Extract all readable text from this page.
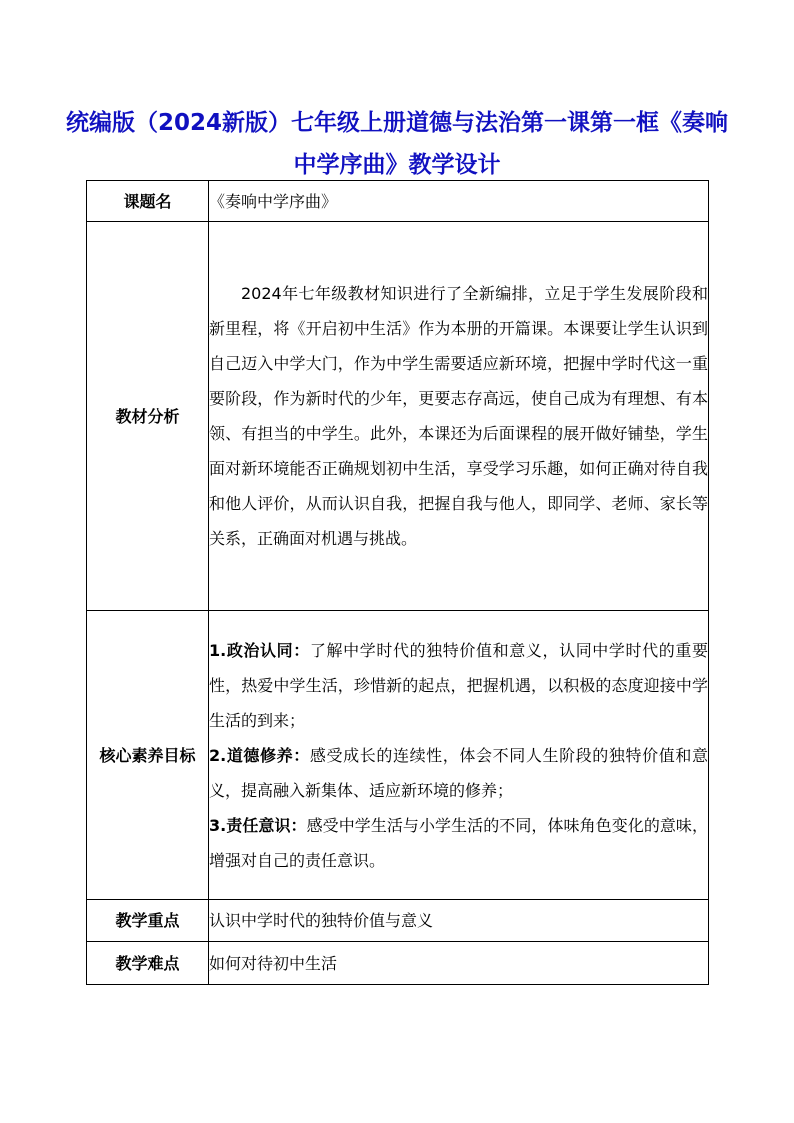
统编版（2024新版）七年级上册道德与法治第一课第一框《奏响中学序曲》教学设计
课题名	《奏响中学序曲》
教材分析	2024年七年级教材知识进行了全新编排，立足于学生发展阶段和新里程，将《开启初中生活》作为本册的开篇课。本课要让学生认识到自己迈入中学大门，作为中学生需要适应新环境，把握中学时代这一重要阶段，作为新时代的少年，更要志存高远，使自己成为有理想、有本领、有担当的中学生。此外，本课还为后面课程的展开做好铺垫，学生面对新环境能否正确规划初中生活，享受学习乐趣，如何正确对待自我和他人评价，从而认识自我，把握自我与他人，即同学、老师、家长等关系，正确面对机遇与挑战。

核心素养目标	1.政治认同：了解中学时代的独特价值和意义，认同中学时代的重要性，热爱中学生活，珍惜新的起点，把握机遇，以积极的态度迎接中学生活的到来；

2.道德修养：感受成长的连续性，体会不同人生阶段的独特价值和意义，提高融入新集体、适应新环境的修养；

3.责任意识：感受中学生活与小学生活的不同，体味角色变化的意味，增强对自己的责任意识。

教学重点	认识中学时代的独特价值与意义
教学难点	如何对待初中生活
